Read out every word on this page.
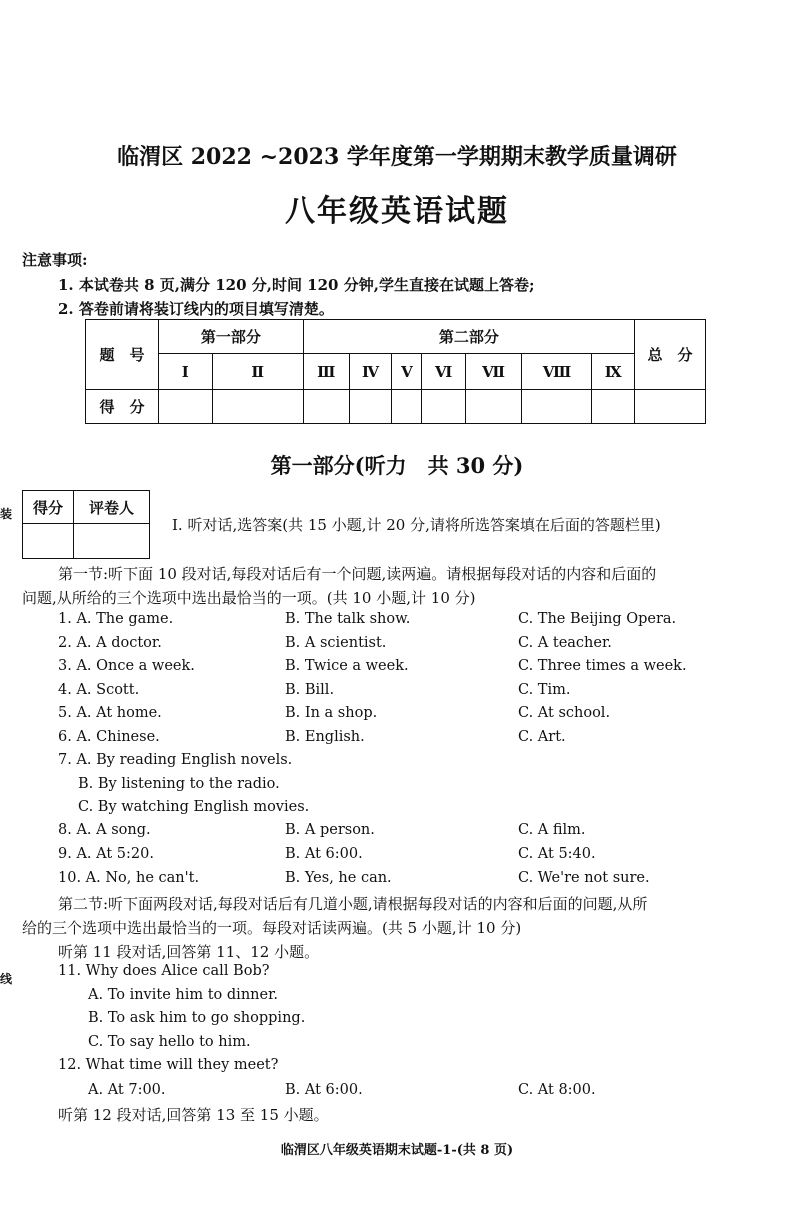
临渭区 2022 ~2023 学年度第一学期期末教学质量调研
八年级英语试题
注意事项:
1. 本试卷共 8 页,满分 120 分,时间 120 分钟,学生直接在试题上答卷;
2. 答卷前请将装订线内的项目填写清楚。
题　号	第一部分		第二部分							总　分
	Ⅰ	Ⅱ	Ⅲ	Ⅳ	Ⅴ	Ⅵ	Ⅶ	Ⅷ	Ⅸ	
得　分										
第一部分(听力　共 30 分)
装
线
得分	评卷人

Ⅰ. 听对话,选答案(共 15 小题,计 20 分,请将所选答案填在后面的答题栏里)
第一节:听下面 10 段对话,每段对话后有一个问题,读两遍。请根据每段对话的内容和后面的
问题,从所给的三个选项中选出最恰当的一项。(共 10 小题,计 10 分)
1. A. The game.	B. The talk show.	C. The Beijing Opera.
2. A. A doctor.	B. A scientist.	C. A teacher.
3. A. Once a week.	B. Twice a week.	C. Three times a week.
4. A. Scott.	B. Bill.	C. Tim.
5. A. At home.	B. In a shop.	C. At school.
6. A. Chinese.	B. English.	C. Art.
7. A. By reading English novels.
B. By listening to the radio.
C. By watching English movies.
8. A. A song.	B. A person.	C. A film.
9. A. At 5:20.	B. At 6:00.	C. At 5:40.
10. A. No, he can't.	B. Yes, he can.	C. We're not sure.
第二节:听下面两段对话,每段对话后有几道小题,请根据每段对话的内容和后面的问题,从所
给的三个选项中选出最恰当的一项。每段对话读两遍。(共 5 小题,计 10 分)
听第 11 段对话,回答第 11、12 小题。
11. Why does Alice call Bob?
A. To invite him to dinner.
B. To ask him to go shopping.
C. To say hello to him.
12. What time will they meet?
A. At 7:00.	B. At 6:00.	C. At 8:00.
听第 12 段对话,回答第 13 至 15 小题。
临渭区八年级英语期末试题-1-(共 8 页)
